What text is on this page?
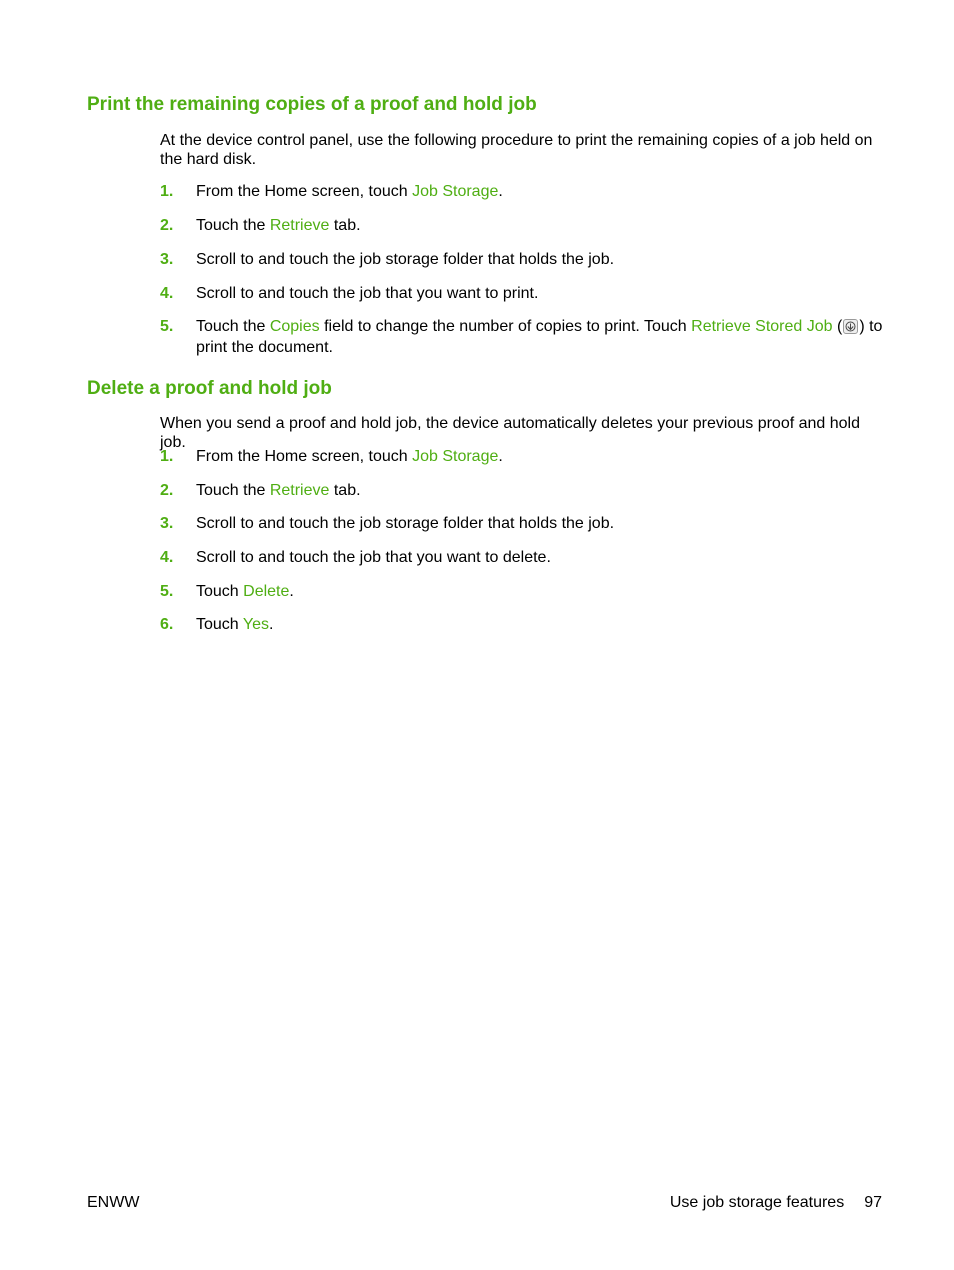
Print the remaining copies of a proof and hold job

At the device control panel, use the following procedure to print the remaining copies of a job held on the hard disk.

1. From the Home screen, touch Job Storage.
2. Touch the Retrieve tab.
3. Scroll to and touch the job storage folder that holds the job.
4. Scroll to and touch the job that you want to print.
5. Touch the Copies field to change the number of copies to print. Touch Retrieve Stored Job ( ) to print the document.
Delete a proof and hold job

When you send a proof and hold job, the device automatically deletes your previous proof and hold job.

1. From the Home screen, touch Job Storage.
2. Touch the Retrieve tab.
3. Scroll to and touch the job storage folder that holds the job.
4. Scroll to and touch the job that you want to delete.
5. Touch Delete.
6. Touch Yes.
ENWW	Use job storage features 97
